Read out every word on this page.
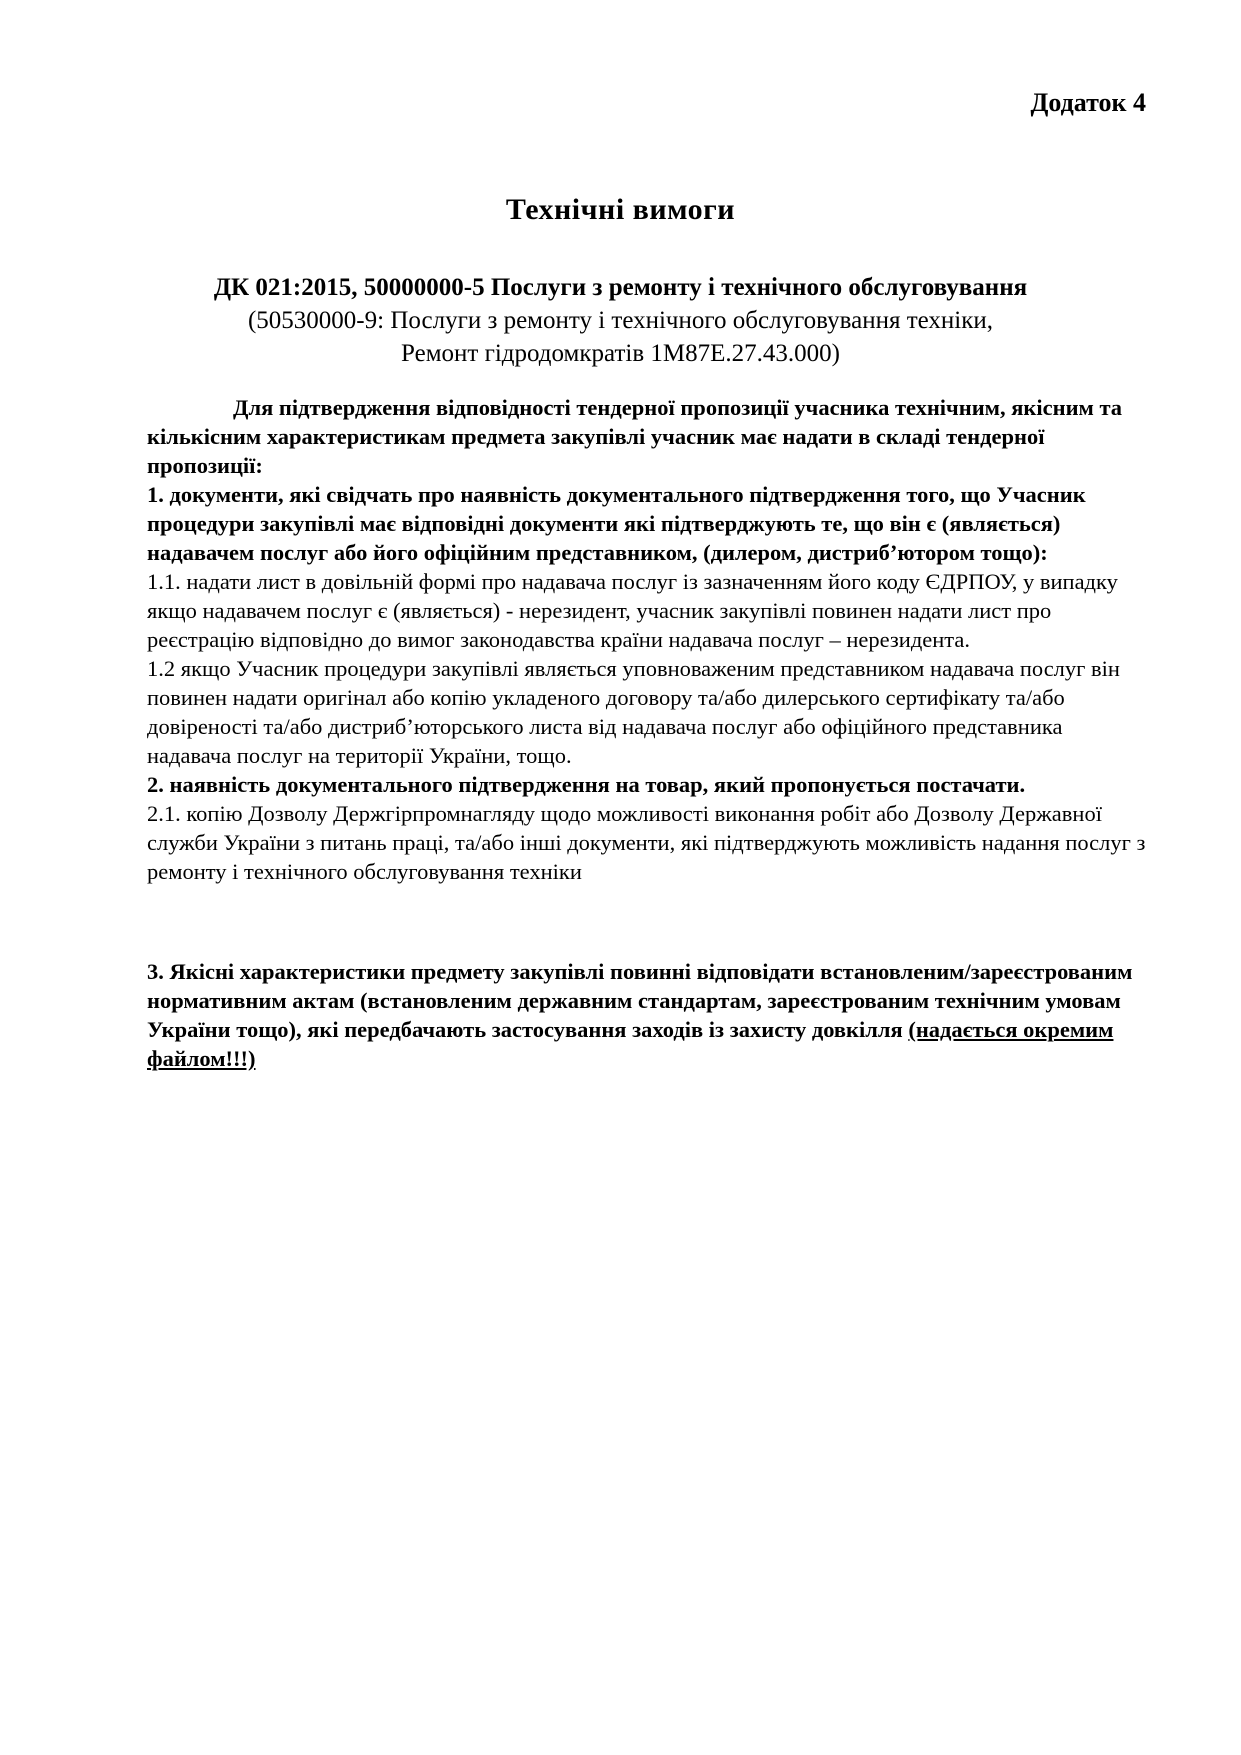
Додаток 4
Технічні вимоги
ДК 021:2015, 50000000-5 Послуги з ремонту і технічного обслуговування
(50530000-9: Послуги з ремонту і технічного обслуговування техніки,
Ремонт гідродомкратів 1М87Е.27.43.000)

Для підтвердження відповідності тендерної пропозиції учасника технічним, якісним та кількісним характеристикам предмета закупівлі учасник має надати в складі тендерної пропозиції:

1. документи, які свідчать про наявність документального підтвердження того, що Учасник процедури закупівлі має відповідні документи які підтверджують те, що він є (являється) надавачем послуг або його офіційним представником, (дилером, дистриб’ютором тощо):

1.1. надати лист в довільній формі про надавача послуг із зазначенням його коду ЄДРПОУ, у випадку якщо надавачем послуг є (являється) - нерезидент, учасник закупівлі повинен надати лист про реєстрацію відповідно до вимог законодавства країни надавача послуг – нерезидента.

1.2 якщо Учасник процедури закупівлі являється уповноваженим представником надавача послуг він повинен надати оригінал або копію укладеного договору та/або дилерського сертифікату та/або довіреності та/або дистриб’юторського листа від надавача послуг або офіційного представника надавача послуг на території України, тощо.

2. наявність документального підтвердження на товар, який пропонується постачати.

2.1. копію Дозволу Держгірпромнагляду щодо можливості виконання робіт або Дозволу Державної служби України з питань праці, та/або інші документи, які підтверджують можливість надання послуг з ремонту і технічного обслуговування техніки

3. Якісні характеристики предмету закупівлі повинні відповідати встановленим/зареєстрованим нормативним актам (встановленим державним стандартам, зареєстрованим технічним умовам України тощо), які передбачають застосування заходів із захисту довкілля (надається окремим файлом!!!)
